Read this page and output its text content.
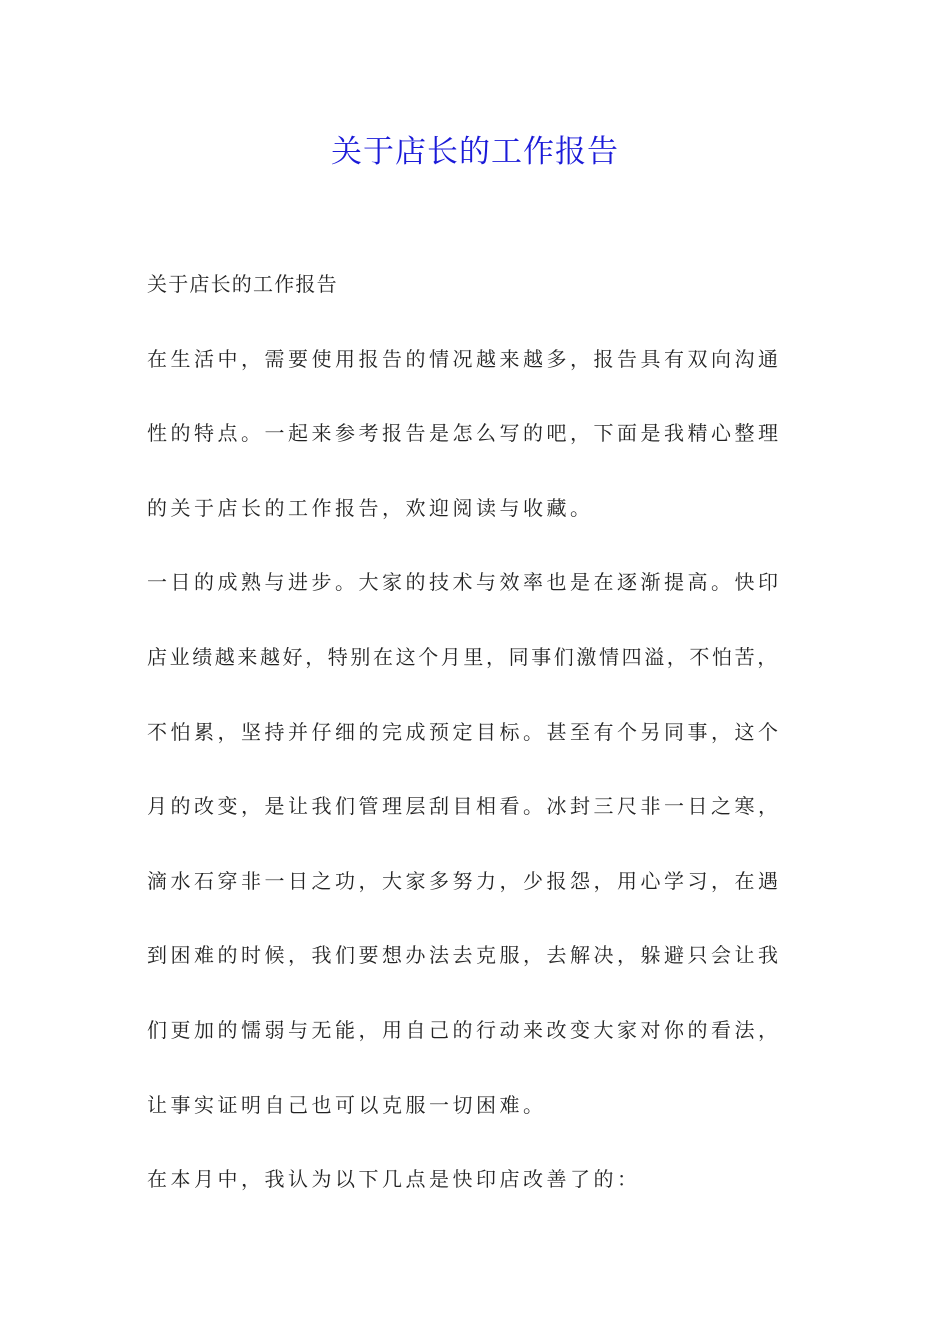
关于店长的工作报告

关于店长的工作报告

在生活中，需要使用报告的情况越来越多，报告具有双向沟通
性的特点。一起来参考报告是怎么写的吧，下面是我精心整理
的关于店长的工作报告，欢迎阅读与收藏。

一日的成熟与进步。大家的技术与效率也是在逐渐提高。快印
店业绩越来越好，特别在这个月里，同事们激情四溢，不怕苦，
不怕累，坚持并仔细的完成预定目标。甚至有个另同事，这个
月的改变，是让我们管理层刮目相看。冰封三尺非一日之寒，
滴水石穿非一日之功，大家多努力，少报怨，用心学习，在遇
到困难的时候，我们要想办法去克服，去解决，躲避只会让我
们更加的懦弱与无能，用自己的行动来改变大家对你的看法，
让事实证明自己也可以克服一切困难。

在本月中，我认为以下几点是快印店改善了的：
